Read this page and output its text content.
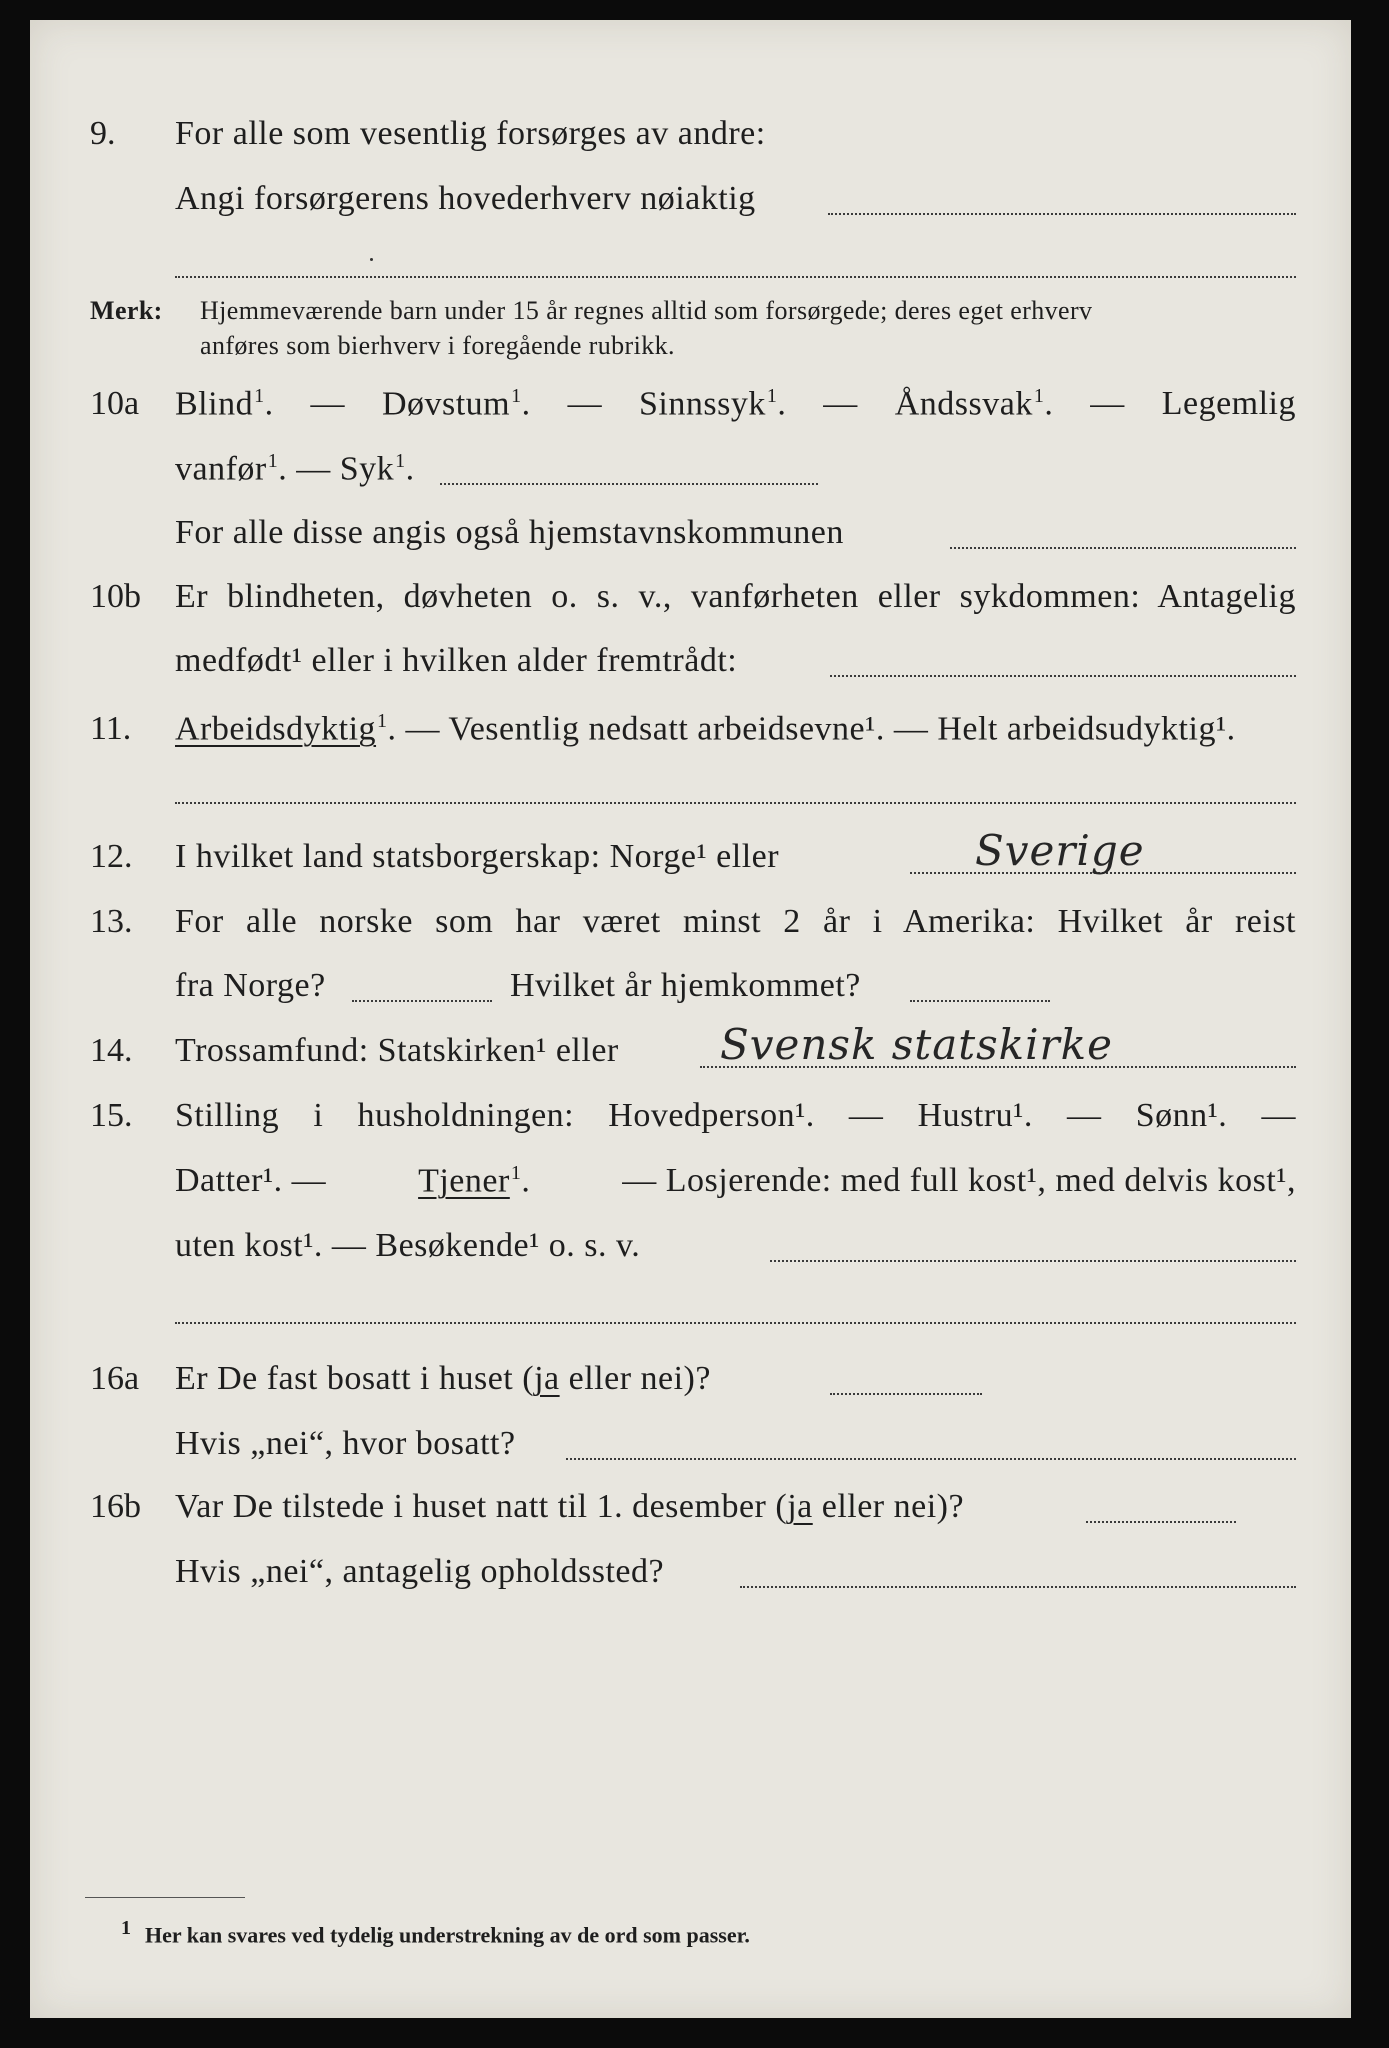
9. For alle som vesentlig forsørges av andre:
Angi forsørgerens hovederhverv nøiaktig
Merk: Hjemmeværende barn under 15 år regnes alltid som forsørgede; deres eget erhverv
anføres som bierhverv i foregående rubrikk.
10a Blind$^1$. — Døvstum$^1$. — Sinnssyk$^1$. — Åndssvak$^1$. — Legemlig
vanfør$^1$. — Syk$^1$.
For alle disse angis også hjemstavnskommunen
10b Er blindheten, døvheten o. s. v., vanførheten eller sykdommen: Antagelig
medfødt¹ eller i hvilken alder fremtrådt:
11. Arbeidsdyktig$^1$. — Vesentlig nedsatt arbeidsevne¹. — Helt arbeidsudyktig¹.
12. I hvilket land statsborgerskap: Norge¹ eller	Sverige
13. For alle norske som har været minst 2 år i Amerika: Hvilket år reist
fra Norge?	Hvilket år hjemkommet?
14. Trossamfund: Statskirken¹ eller Svensk statskirke
15. Stilling i husholdningen: Hovedperson¹. — Hustru¹. — Sønn¹. —
Datter¹. —	Tjener$^1$.	— Losjerende: med full kost¹, med delvis kost¹,
uten kost¹. — Besøkende¹ o. s. v.
16a Er De fast bosatt i huset (ja eller nei)?
Hvis „nei“, hvor bosatt?
16b Var De tilstede i huset natt til 1. desember (ja eller nei)?
Hvis „nei“, antagelig opholdssted?
1 Her kan svares ved tydelig understrekning av de ord som passer.
